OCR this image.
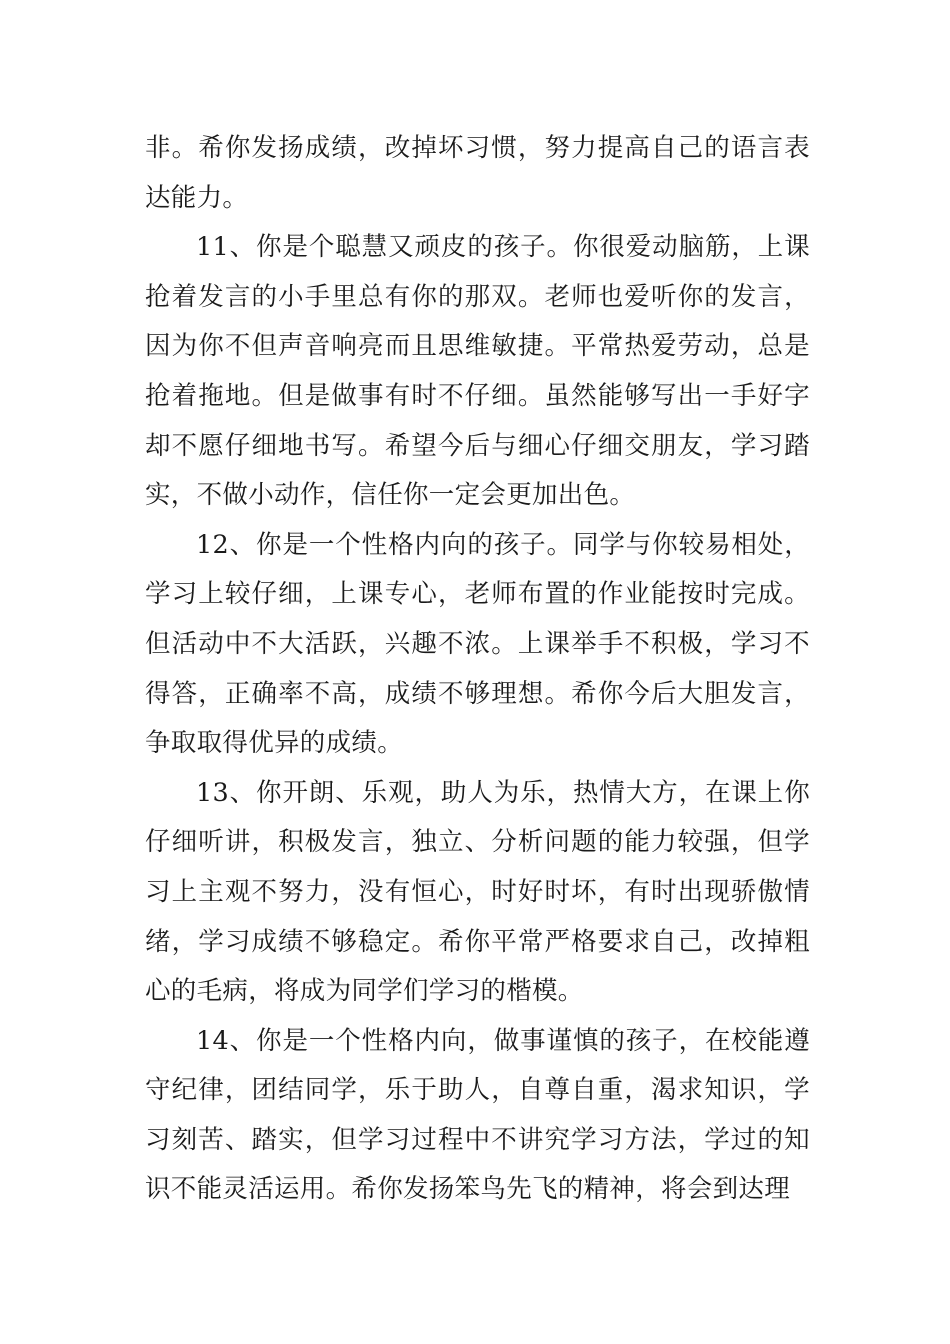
非。希你发扬成绩，改掉坏习惯，努力提高自己的语言表达能力。

11、你是个聪慧又顽皮的孩子。你很爱动脑筋，上课抢着发言的小手里总有你的那双。老师也爱听你的发言，因为你不但声音响亮而且思维敏捷。平常热爱劳动，总是抢着拖地。但是做事有时不仔细。虽然能够写出一手好字却不愿仔细地书写。希望今后与细心仔细交朋友，学习踏实，不做小动作，信任你一定会更加出色。

12、你是一个性格内向的孩子。同学与你较易相处，学习上较仔细，上课专心，老师布置的作业能按时完成。但活动中不大活跃，兴趣不浓。上课举手不积极，学习不得答，正确率不高，成绩不够理想。希你今后大胆发言，争取取得优异的成绩。

13、你开朗、乐观，助人为乐，热情大方，在课上你仔细听讲，积极发言，独立、分析问题的能力较强，但学习上主观不努力，没有恒心，时好时坏，有时出现骄傲情绪，学习成绩不够稳定。希你平常严格要求自己，改掉粗心的毛病，将成为同学们学习的楷模。

14、你是一个性格内向，做事谨慎的孩子，在校能遵守纪律，团结同学，乐于助人，自尊自重，渴求知识，学习刻苦、踏实，但学习过程中不讲究学习方法，学过的知识不能灵活运用。希你发扬笨鸟先飞的精神，将会到达理
